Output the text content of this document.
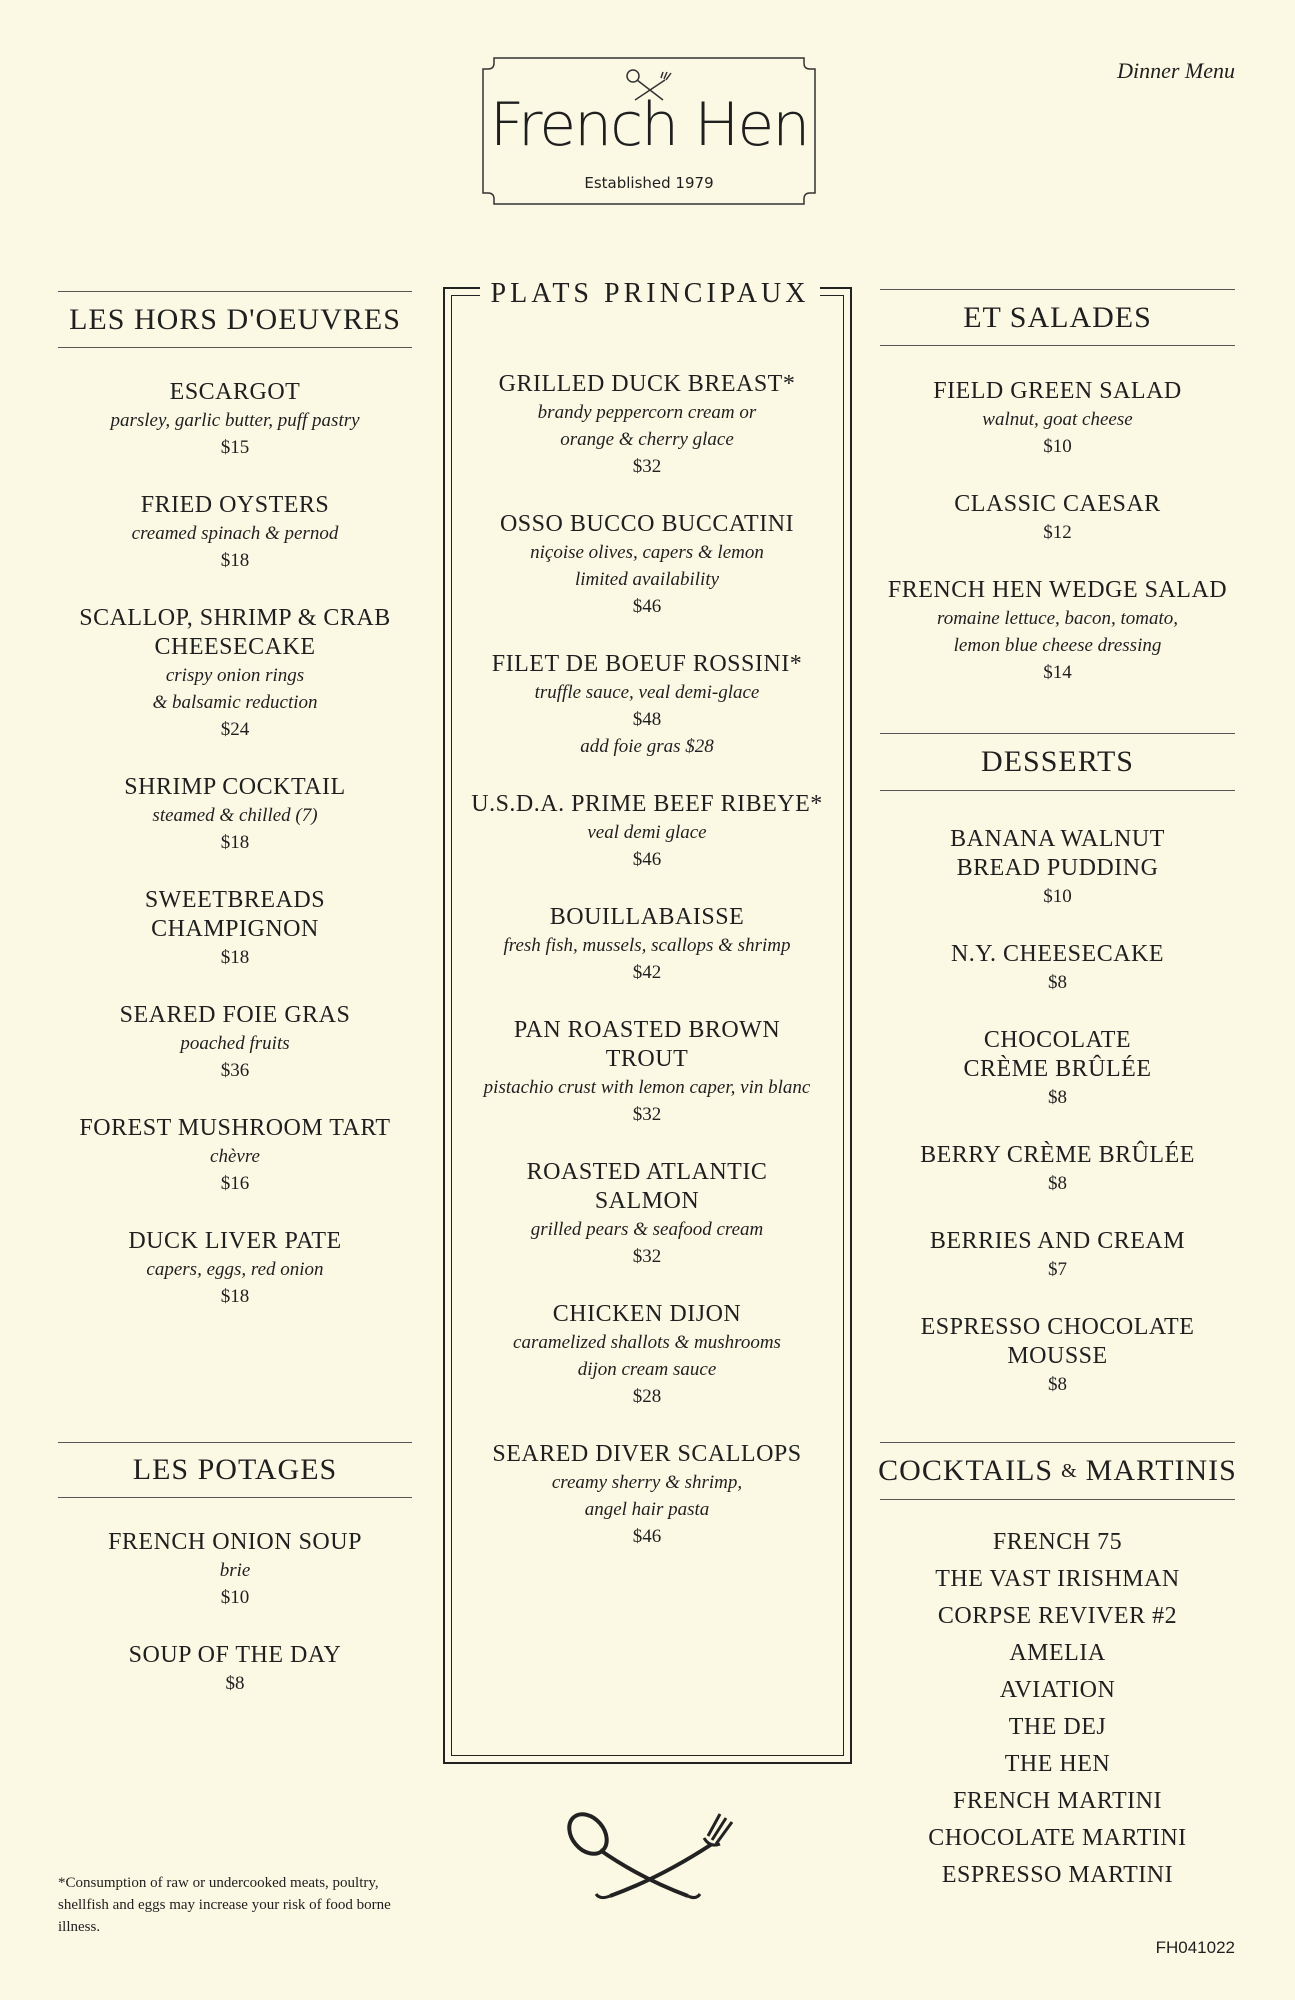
Dinner Menu
French Hen
Established 1979
LES HORS D'OEUVRES
ESCARGOT
parsley, garlic butter, puff pastry
$15
FRIED OYSTERS
creamed spinach & pernod
$18
SCALLOP, SHRIMP & CRAB CHEESECAKE
crispy onion rings
& balsamic reduction
$24
SHRIMP COCKTAIL
steamed & chilled (7)
$18
SWEETBREADS CHAMPIGNON
$18
SEARED FOIE GRAS
poached fruits
$36
FOREST MUSHROOM TART
chèvre
$16
DUCK LIVER PATE
capers, eggs, red onion
$18
LES POTAGES
FRENCH ONION SOUP
brie
$10
SOUP OF THE DAY
$8
*Consumption of raw or undercooked meats, poultry, shellfish and eggs may increase your risk of food borne illness.
PLATS PRINCIPAUX
GRILLED DUCK BREAST*
brandy peppercorn cream or
orange & cherry glace
$32
OSSO BUCCO BUCCATINI
niçoise olives, capers & lemon
limited availability
$46
FILET DE BOEUF ROSSINI*
truffle sauce, veal demi-glace
$48
add foie gras $28
U.S.D.A. PRIME BEEF RIBEYE*
veal demi glace
$46
BOUILLABAISSE
fresh fish, mussels, scallops & shrimp
$42
PAN ROASTED BROWN TROUT
pistachio crust with lemon caper, vin blanc
$32
ROASTED ATLANTIC SALMON
grilled pears & seafood cream
$32
CHICKEN DIJON
caramelized shallots & mushrooms
dijon cream sauce
$28
SEARED DIVER SCALLOPS
creamy sherry & shrimp,
angel hair pasta
$46
ET SALADES
FIELD GREEN SALAD
walnut, goat cheese
$10
CLASSIC CAESAR
$12
FRENCH HEN WEDGE SALAD
romaine lettuce, bacon, tomato,
lemon blue cheese dressing
$14
DESSERTS
BANANA WALNUT BREAD PUDDING
$10
N.Y. CHEESECAKE
$8
CHOCOLATE CRÈME BRÛLÉE
$8
BERRY CRÈME BRÛLÉE
$8
BERRIES AND CREAM
$7
ESPRESSO CHOCOLATE MOUSSE
$8
COCKTAILS & MARTINIS
FRENCH 75
THE VAST IRISHMAN
CORPSE REVIVER #2
AMELIA
AVIATION
THE DEJ
THE HEN
FRENCH MARTINI
CHOCOLATE MARTINI
ESPRESSO MARTINI
FH041022
